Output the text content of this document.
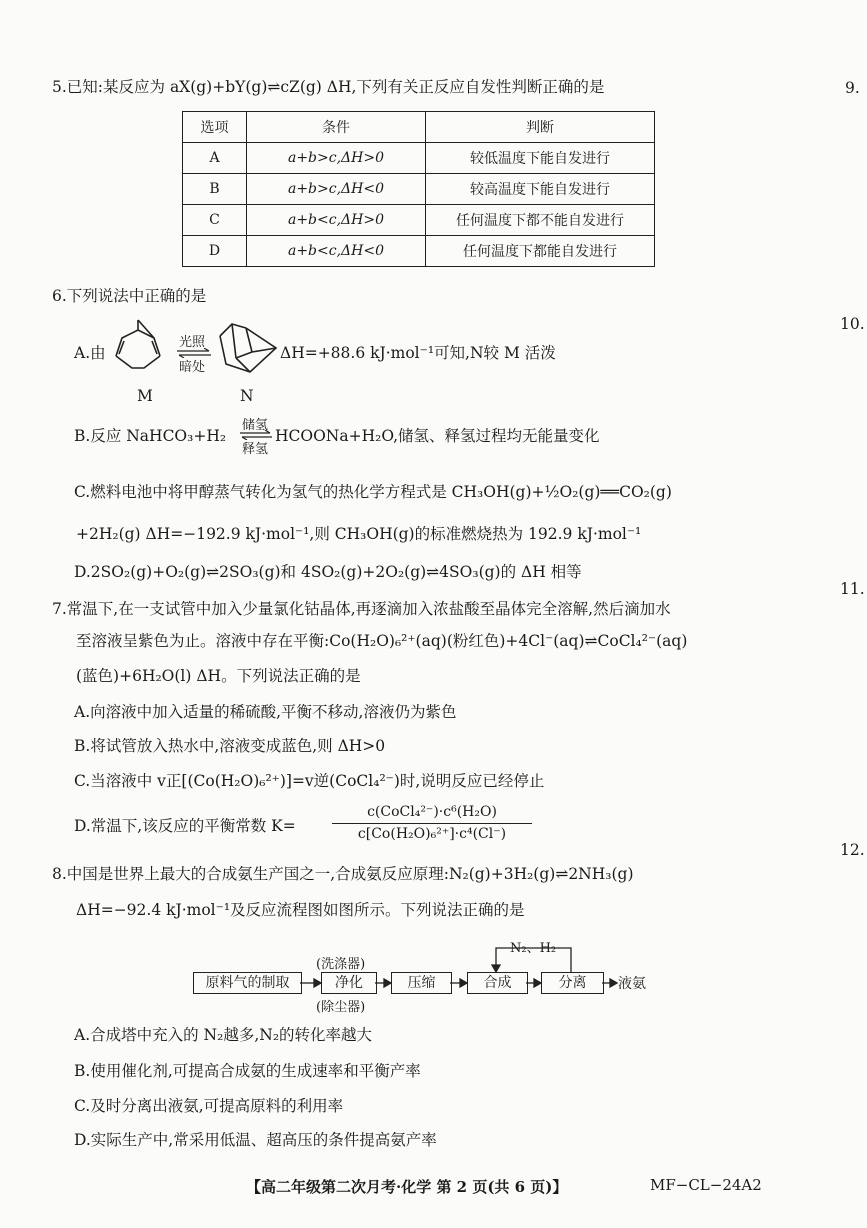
9.
10.
11.
12.
5.已知:某反应为 aX(g)+bY(g)⇌cZ(g) ΔH,下列有关正反应自发性判断正确的是
选项	条件	判断
A	a+b>c,ΔH>0	较低温度下能自发进行
B	a+b>c,ΔH<0	较高温度下能自发进行
C	a+b<c,ΔH>0	任何温度下都不能自发进行
D	a+b<c,ΔH<0	任何温度下都能自发进行
6.下列说法中正确的是
A.由
M
光照
暗处
N
ΔH=+88.6 kJ·mol⁻¹可知,N较 M 活泼
B.反应 NaHCO₃+H₂
储氢
释氢
HCOONa+H₂O,储氢、释氢过程均无能量变化
C.燃料电池中将甲醇蒸气转化为氢气的热化学方程式是 CH₃OH(g)+½O₂(g)══CO₂(g)
+2H₂(g) ΔH=−192.9 kJ·mol⁻¹,则 CH₃OH(g)的标准燃烧热为 192.9 kJ·mol⁻¹
D.2SO₂(g)+O₂(g)⇌2SO₃(g)和 4SO₂(g)+2O₂(g)⇌4SO₃(g)的 ΔH 相等
7.常温下,在一支试管中加入少量氯化钴晶体,再逐滴加入浓盐酸至晶体完全溶解,然后滴加水
至溶液呈紫色为止。溶液中存在平衡:Co(H₂O)₆²⁺(aq)(粉红色)+4Cl⁻(aq)⇌CoCl₄²⁻(aq)
(蓝色)+6H₂O(l) ΔH。下列说法正确的是
A.向溶液中加入适量的稀硫酸,平衡不移动,溶液仍为紫色
B.将试管放入热水中,溶液变成蓝色,则 ΔH>0
C.当溶液中 v正[(Co(H₂O)₆²⁺)]=v逆(CoCl₄²⁻)时,说明反应已经停止
D.常温下,该反应的平衡常数 K=
c(CoCl₄²⁻)·c⁶(H₂O)
c[Co(H₂O)₆²⁺]·c⁴(Cl⁻)
8.中国是世界上最大的合成氨生产国之一,合成氨反应原理:N₂(g)+3H₂(g)⇌2NH₃(g)
ΔH=−92.4 kJ·mol⁻¹及反应流程图如图所示。下列说法正确的是
N₂、H₂
原料气的制取
(洗涤器)
净化
(除尘器)
压缩	合成	分离	液氨
A.合成塔中充入的 N₂越多,N₂的转化率越大
B.使用催化剂,可提高合成氨的生成速率和平衡产率
C.及时分离出液氨,可提高原料的利用率
D.实际生产中,常采用低温、超高压的条件提高氨产率
【高二年级第二次月考·化学 第 2 页(共 6 页)】	MF−CL−24A2
